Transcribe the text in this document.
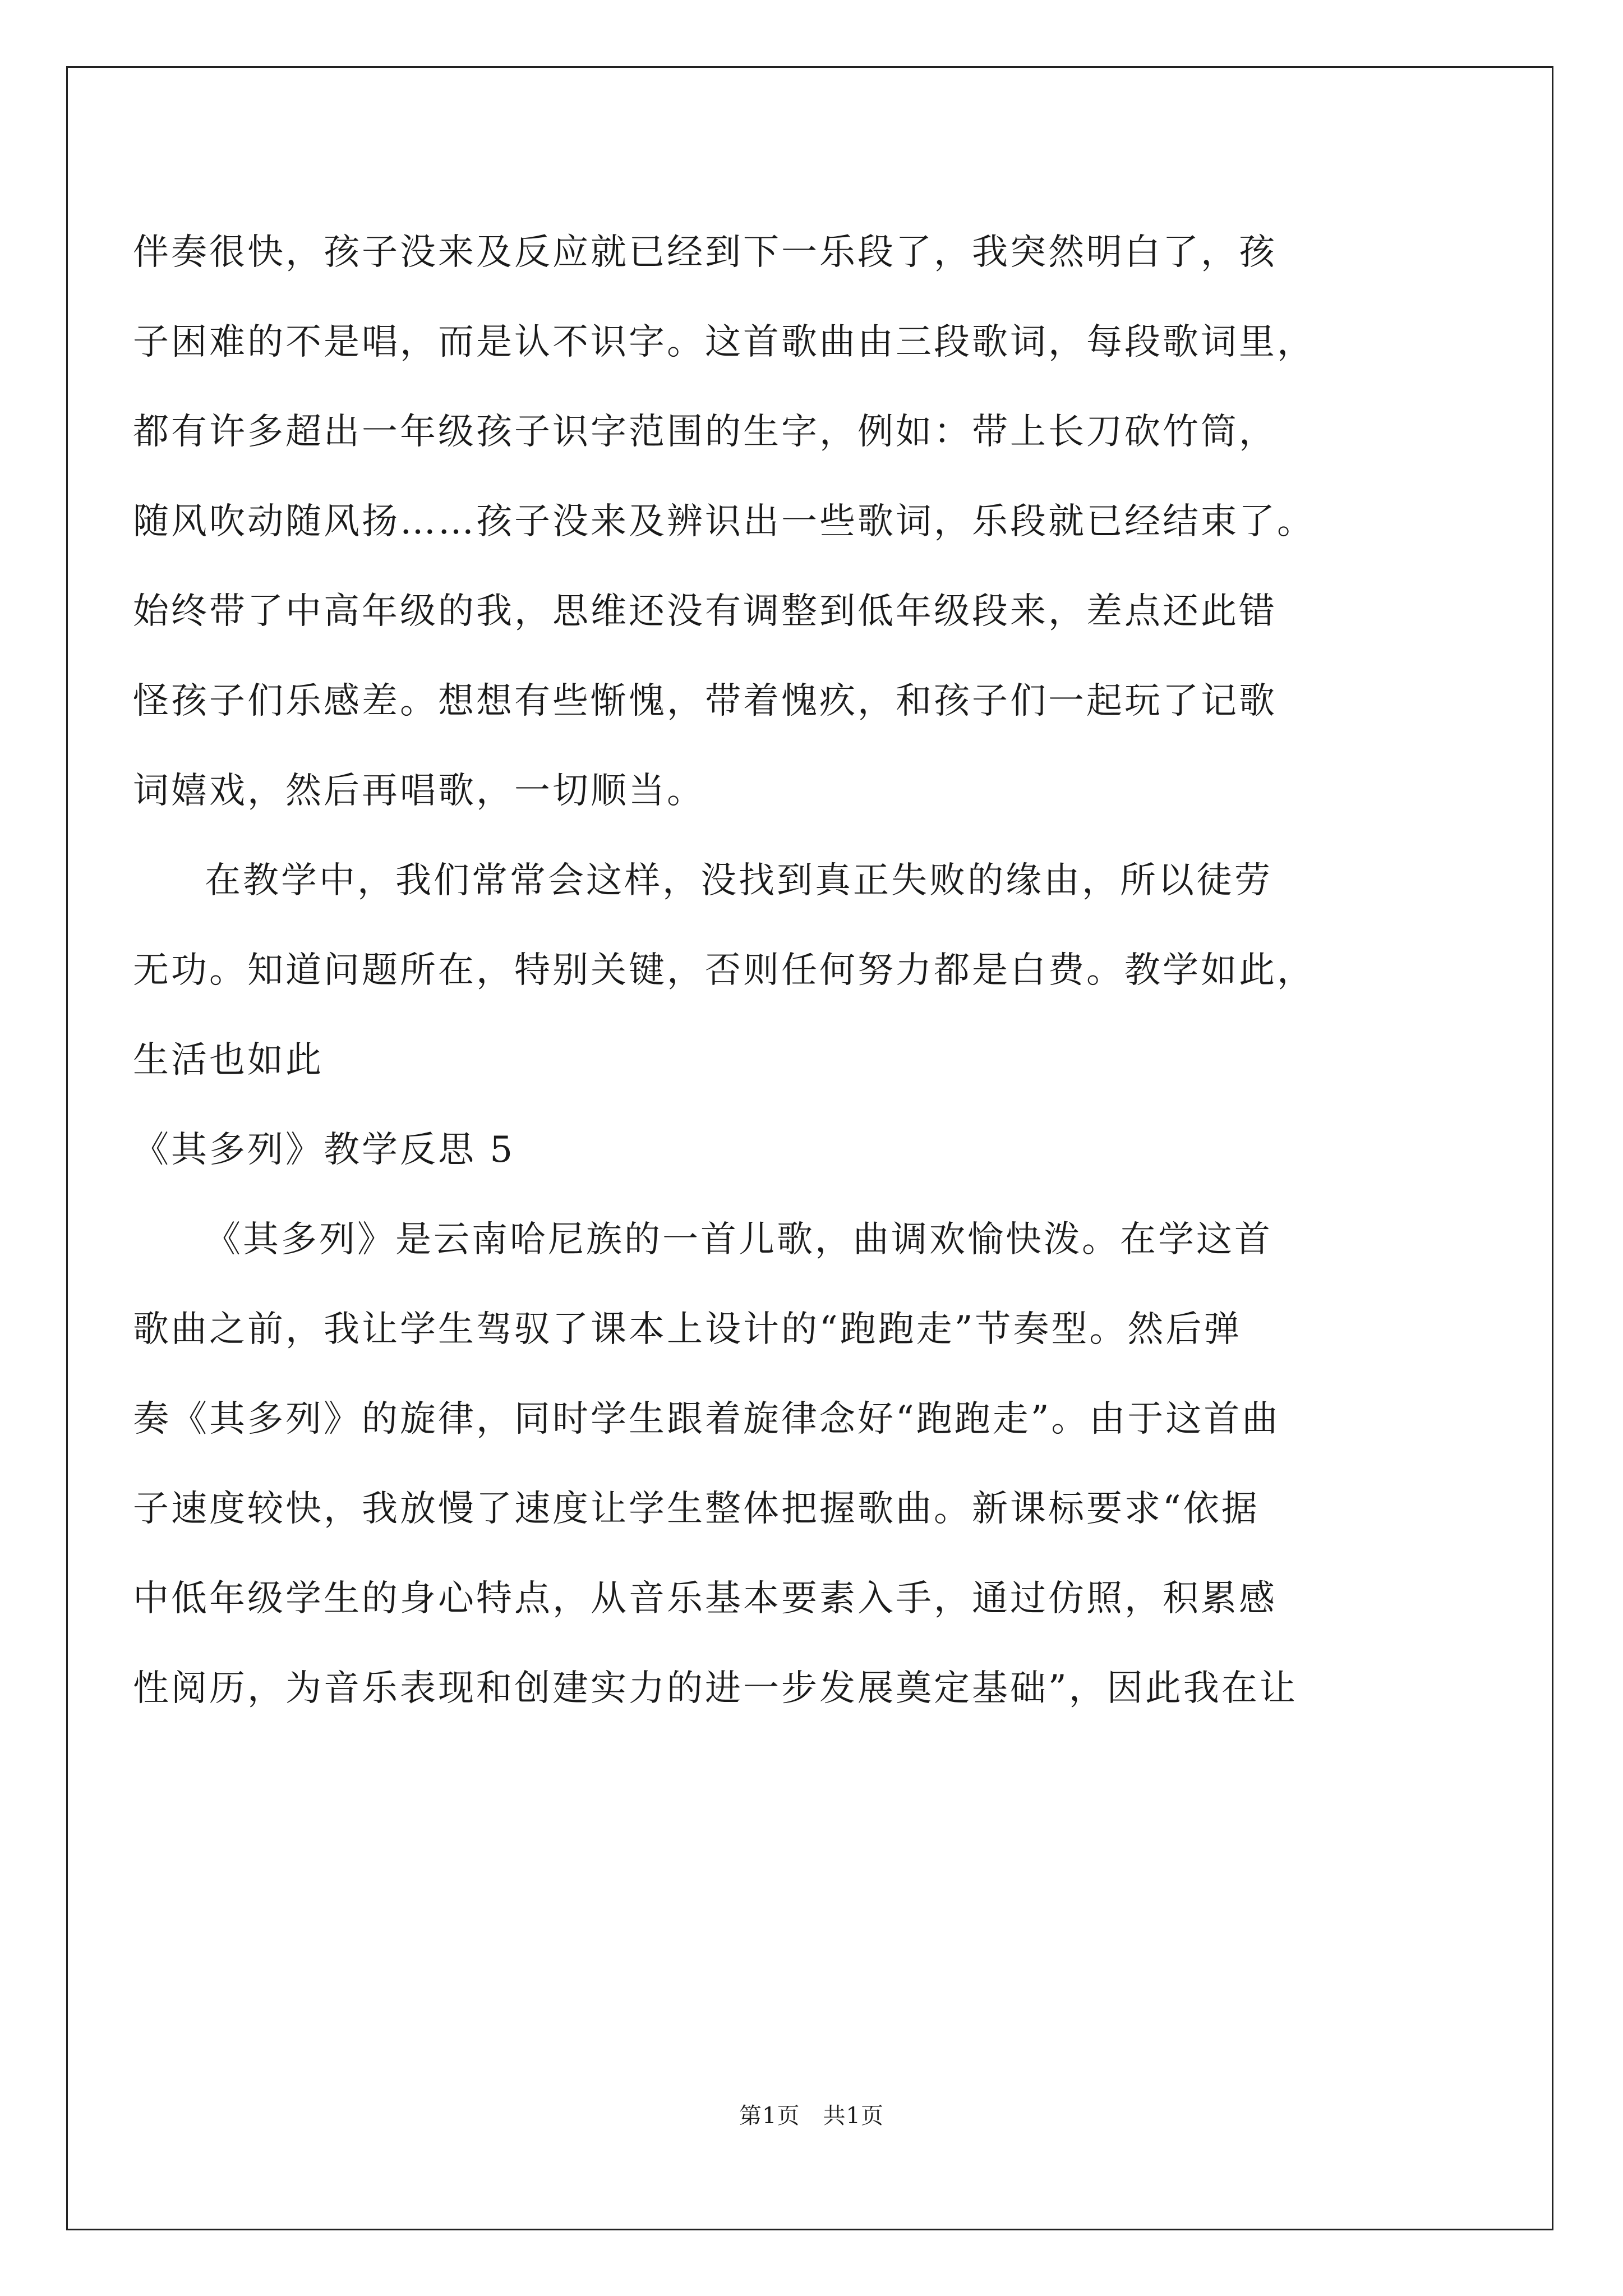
伴奏很快，孩子没来及反应就已经到下一乐段了，我突然明白了，孩
子困难的不是唱，而是认不识字。这首歌曲由三段歌词，每段歌词里，
都有许多超出一年级孩子识字范围的生字，例如：带上长刀砍竹筒，
随风吹动随风扬……孩子没来及辨识出一些歌词，乐段就已经结束了。
始终带了中高年级的我，思维还没有调整到低年级段来，差点还此错
怪孩子们乐感差。想想有些惭愧，带着愧疚，和孩子们一起玩了记歌
词嬉戏，然后再唱歌，一切顺当。
在教学中，我们常常会这样，没找到真正失败的缘由，所以徒劳
无功。知道问题所在，特别关键，否则任何努力都是白费。教学如此，
生活也如此
《其多列》教学反思 5
《其多列》是云南哈尼族的一首儿歌，曲调欢愉快泼。在学这首
歌曲之前，我让学生驾驭了课本上设计的“跑跑走”节奏型。然后弹
奏《其多列》的旋律，同时学生跟着旋律念好“跑跑走”。由于这首曲
子速度较快，我放慢了速度让学生整体把握歌曲。新课标要求“依据
中低年级学生的身心特点，从音乐基本要素入手，通过仿照，积累感
性阅历，为音乐表现和创建实力的进一步发展奠定基础”，因此我在让
第1页　共1页
